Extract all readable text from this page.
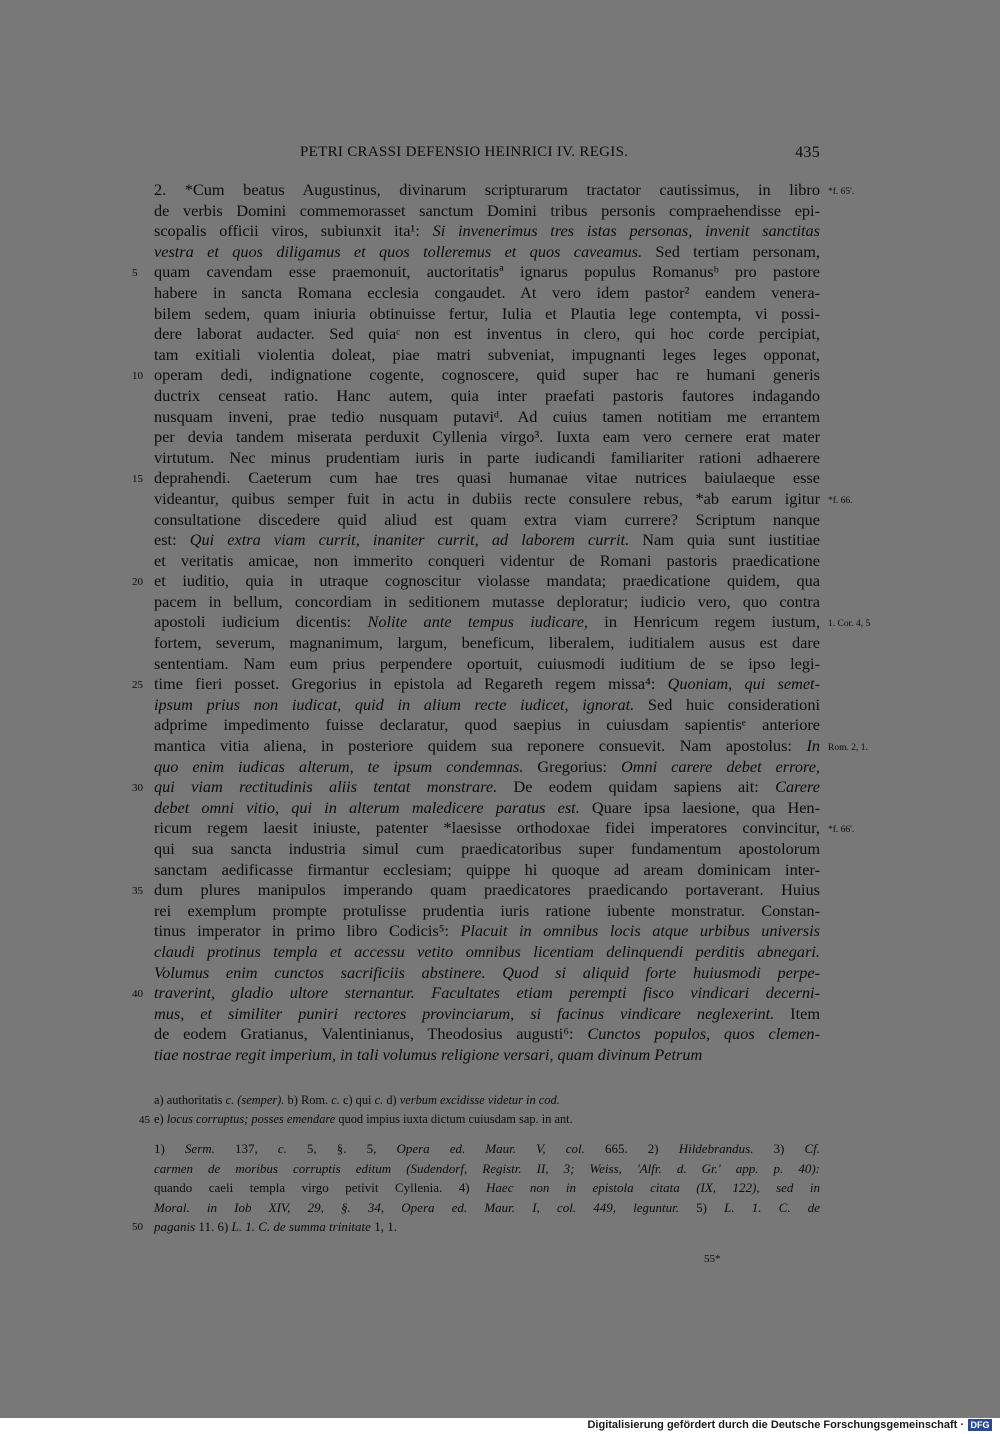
PETRI CRASSI DEFENSIO HEINRICI IV. REGIS.	435
*f. 65'.
2. *Cum beatus Augustinus, divinarum scripturarum tractator cautissimus, in libro
de verbis Domini commemorasset sanctum Domini tribus personis compraehendisse epi-
scopalis officii viros, subiunxit ita¹: Si invenerimus tres istas personas, invenit sanctitas
vestra et quos diligamus et quos tolleremus et quos caveamus. Sed tertiam personam,
5	quam cavendam esse praemonuit, auctoritatisª ignarus populus Romanusᵇ pro pastore
habere in sancta Romana ecclesia congaudet. At vero idem pastor² eandem venera-
bilem sedem, quam iniuria obtinuisse fertur, Iulia et Plautia lege contempta, vi possi-
dere laborat audacter. Sed quiaᶜ non est inventus in clero, qui hoc corde percipiat,
tam exitiali violentia doleat, piae matri subveniat, impugnanti leges leges opponat,
10 operam dedi, indignatione cogente, cognoscere, quid super hac re humani generis
ductrix censeat ratio. Hanc autem, quia inter praefati pastoris fautores indagando
nusquam inveni, prae tedio nusquam putaviᵈ. Ad cuius tamen notitiam me errantem
per devia tandem miserata perduxit Cyllenia virgo³. Iuxta eam vero cernere erat mater
virtutum. Nec minus prudentiam iuris in parte iudicandi familiariter rationi adhaerere
15 deprahendi. Caeterum cum hae tres quasi humanae vitae nutrices baiulaeque esse
*f. 66.
videantur, quibus semper fuit in actu in dubiis recte consulere rebus, *ab earum igitur
consultatione discedere quid aliud est quam extra viam currere? Scriptum nanque
est: Qui extra viam currit, inaniter currit, ad laborem currit. Nam quia sunt iustitiae
et veritatis amicae, non immerito conqueri videntur de Romani pastoris praedicatione
20 et iuditio, quia in utraque cognoscitur violasse mandata; praedicatione quidem, qua
pacem in bellum, concordiam in seditionem mutasse deploratur; iudicio vero, quo contra
1. Cor. 4, 5
apostoli iudicium dicentis: Nolite ante tempus iudicare, in Henricum regem iustum,
fortem, severum, magnanimum, largum, beneficum, liberalem, iuditialem ausus est dare
sententiam. Nam eum prius perpendere oportuit, cuiusmodi iuditium de se ipso legi-
25 time fieri posset. Gregorius in epistola ad Regareth regem missa⁴: Quoniam, qui semet-
ipsum prius non iudicat, quid in alium recte iudicet, ignorat. Sed huic considerationi
adprime impedimento fuisse declaratur, quod saepius in cuiusdam sapientisᵉ anteriore
Rom. 2, 1.
mantica vitia aliena, in posteriore quidem sua reponere consuevit. Nam apostolus: In
quo enim iudicas alterum, te ipsum condemnas. Gregorius: Omni carere debet errore,
30 qui viam rectitudinis aliis tentat monstrare. De eodem quidam sapiens ait: Carere
debet omni vitio, qui in alterum maledicere paratus est. Quare ipsa laesione, qua Hen-
*f. 66'.
ricum regem laesit iniuste, patenter *laesisse orthodoxae fidei imperatores convincitur,
qui sua sancta industria simul cum praedicatoribus super fundamentum apostolorum
sanctam aedificasse firmantur ecclesiam; quippe hi quoque ad aream dominicam inter-
35 dum plures manipulos imperando quam praedicatores praedicando portaverant. Huius
rei exemplum prompte protulisse prudentia iuris ratione iubente monstratur. Constan-
tinus imperator in primo libro Codicis⁵: Placuit in omnibus locis atque urbibus universis
claudi protinus templa et accessu vetito omnibus licentiam delinquendi perditis abnegari.
Volumus enim cunctos sacrificiis abstinere. Quod si aliquid forte huiusmodi perpe-
40 traverint, gladio ultore sternantur. Facultates etiam perempti fisco vindicari decerni-
mus, et similiter puniri rectores provinciarum, si facinus vindicare neglexerint. Item
de eodem Gratianus, Valentinianus, Theodosius augusti⁶: Cunctos populos, quos clemen-
tiae nostrae regit imperium, in tali volumus religione versari, quam divinum Petrum
a) authoritatis c. (semper). b) Rom. c. c) qui c. d) verbum excidisse videtur in cod.
45 e) locus corruptus; posses emendare quod impius iuxta dictum cuiusdam sap. in ant.
1) Serm. 137, c. 5, §. 5, Opera ed. Maur. V, col. 665. 2) Hildebrandus. 3) Cf.
carmen de moribus corruptis editum (Sudendorf, Registr. II, 3; Weiss, 'Alfr. d. Gr.' app. p. 40):
quando caeli templa virgo petivit Cyllenia. 4) Haec non in epistola citata (IX, 122), sed in
Moral. in Iob XIV, 29, §. 34, Opera ed. Maur. I, col. 449, leguntur. 5) L. 1. C. de
50 paganis 11. 6) L. 1. C. de summa trinitate 1, 1.
55*
Digitalisierung gefördert durch die Deutsche Forschungsgemeinschaft · DFG
